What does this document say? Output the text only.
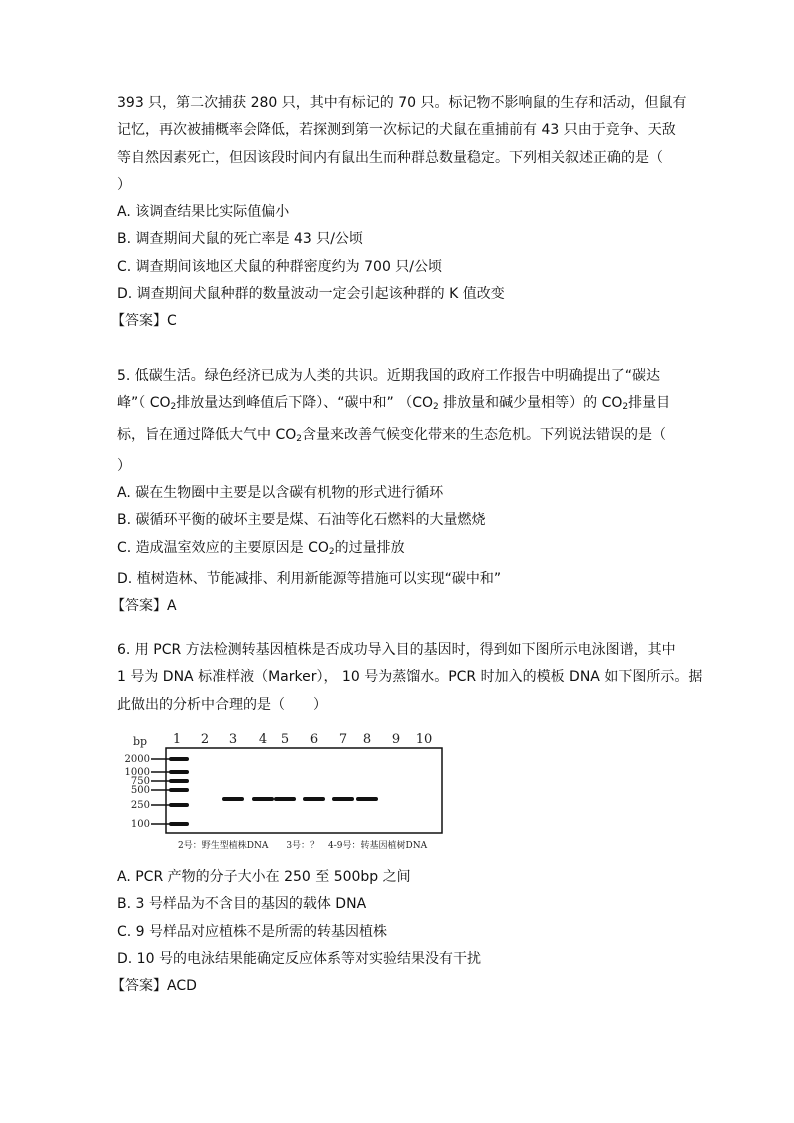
393 只，第二次捕获 280 只，其中有标记的 70 只。标记物不影响鼠的生存和活动，但鼠有

记忆，再次被捕概率会降低，若探测到第一次标记的犬鼠在重捕前有 43 只由于竞争、天敌

等自然因素死亡，但因该段时间内有鼠出生而种群总数量稳定。下列相关叙述正确的是（

）

A. 该调查结果比实际值偏小

B. 调查期间犬鼠的死亡率是 43 只/公顷

C. 调查期间该地区犬鼠的种群密度约为 700 只/公顷

D. 调查期间犬鼠种群的数量波动一定会引起该种群的 K 值改变

【答案】C

5. 低碳生活。绿色经济已成为人类的共识。近期我国的政府工作报告中明确提出了“碳达

峰”（ $CO_2$排放量达到峰值后下降）、“碳中和” （$CO_2$ 排放量和碱少量相等）的 $CO_2$排量目

标，旨在通过降低大气中 $CO_2$含量来改善气候变化带来的生态危机。下列说法错误的是（

）

A. 碳在生物圈中主要是以含碳有机物的形式进行循环

B. 碳循环平衡的破坏主要是煤、石油等化石燃料的大量燃烧

C. 造成温室效应的主要原因是 $CO_2$的过量排放

D. 植树造林、节能减排、利用新能源等措施可以实现“碳中和”

【答案】A

6. 用 PCR 方法检测转基因植株是否成功导入目的基因时，得到如下图所示电泳图谱，其中

1 号为 DNA 标准样液（Marker）， 10 号为蒸馏水。PCR 时加入的模板 DNA 如下图所示。据

此做出的分析中合理的是（　　）

bp 1 2 3 4 5 6 7 8 9 10
2000
1000
750
500
250
100
2号：野生型植株DNA　　3号：？　4-9号：转基因植树DNA

A. PCR 产物的分子大小在 250 至 500bp 之间

B. 3 号样品为不含目的基因的载体 DNA

C. 9 号样品对应植株不是所需的转基因植株

D. 10 号的电泳结果能确定反应体系等对实验结果没有干扰

【答案】ACD
